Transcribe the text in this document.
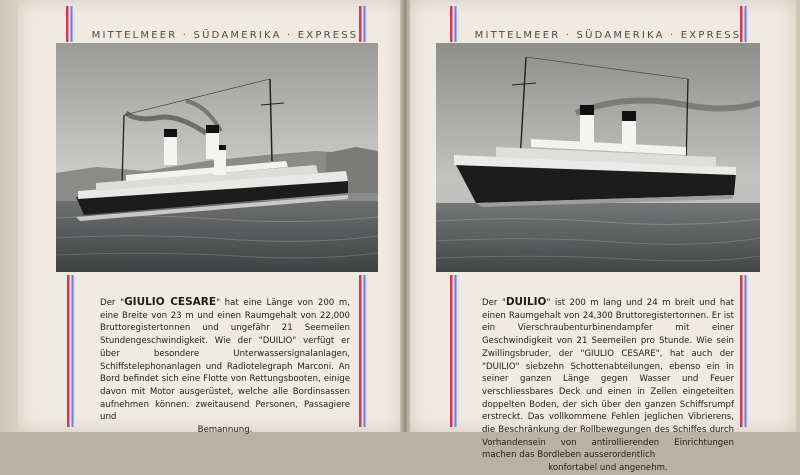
MITTELMEER · SÜDAMERIKA · EXPRESS
Der "GIULIO CESARE" hat eine Länge von 200 m, eine Breite von 23 m und einen Raumgehalt von 22,000 Bruttoregistertonnen und ungefähr 21 Seemeilen Stundengeschwindigkeit. Wie der "DUILIO" verfügt er über besondere Unterwassersignalanlagen, Schiffstelephonanlagen und Radiotelegraph Marconi. An Bord befindet sich eine Flotte von Rettungsbooten, einige davon mit Motor ausgerüstet, welche alle Bordinsassen aufnehmen können: zweitausend Personen, Passagiere und
Bemannung.
MITTELMEER · SÜDAMERIKA · EXPRESS
Der "DUILIO" ist 200 m lang und 24 m breit und hat einen Raumgehalt von 24,300 Bruttoregistertonnen. Er ist ein Vierschraubenturbinendampfer mit einer Geschwindigkeit von 21 Seemeilen pro Stunde. Wie sein Zwillingsbruder, der "GIULIO CESARE", hat auch der "DUILIO" siebzehn Schottenabteilungen, ebenso ein in seiner ganzen Länge gegen Wasser und Feuer verschliessbares Deck und einen in Zellen eingeteilten doppelten Boden, der sich über den ganzen Schiffsrumpf erstreckt. Das vollkommene Fehlen jeglichen Vibrierens, die Beschränkung der Rollbewegungen des Schiffes durch Vorhandensein von antirollierenden Einrichtungen machen das Bordleben ausserordentlich
konfortabel und angenehm.
